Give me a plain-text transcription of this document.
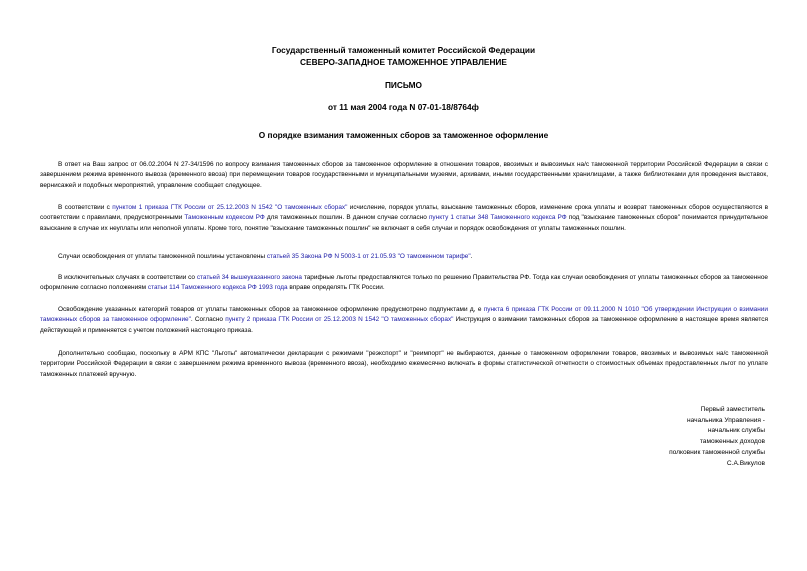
Государственный таможенный комитет Российской Федерации
СЕВЕРО-ЗАПАДНОЕ ТАМОЖЕННОЕ УПРАВЛЕНИЕ
ПИСЬМО
от 11 мая 2004 года N 07-01-18/8764ф
О порядке взимания таможенных сборов за таможенное оформление

В ответ на Ваш запрос от 06.02.2004 N 27-34/1596 по вопросу взимания таможенных сборов за таможенное оформление в отношении товаров, ввозимых и вывозимых на/с таможенной территории Российской Федерации в связи с завершением режима временного вывоза (временного ввоза) при перемещении товаров государственными и муниципальными музеями, архивами, иными государственными хранилищами, а также библиотеками для проведения выставок, вернисажей и подобных мероприятий, управление сообщает следующее.

В соответствии с пунктом 1 приказа ГТК России от 25.12.2003 N 1542 "О таможенных сборах" исчисление, порядок уплаты, взыскание таможенных сборов, изменение срока уплаты и возврат таможенных сборов осуществляются в соответствии с правилами, предусмотренными Таможенным кодексом РФ для таможенных пошлин. В данном случае согласно пункту 1 статьи 348 Таможенного кодекса РФ под "взыскание таможенных сборов" понимается принудительное взыскание в случае их неуплаты или неполной уплаты. Кроме того, понятие "взыскание таможенных пошлин" не включает в себя случаи и порядок освобождения от уплаты таможенных пошлин.

Случаи освобождения от уплаты таможенной пошлины установлены статьей 35 Закона РФ N 5003-1 от 21.05.93 "О таможенном тарифе".

В исключительных случаях в соответствии со статьей 34 вышеуказанного закона тарифные льготы предоставляются только по решению Правительства РФ. Тогда как случаи освобождения от уплаты таможенных сборов за таможенное оформление согласно положениям статьи 114 Таможенного кодекса РФ 1993 года вправе определять ГТК России.

Освобождение указанных категорий товаров от уплаты таможенных сборов за таможенное оформление предусмотрено подпунктами д, е пункта 6 приказа ГТК России от 09.11.2000 N 1010 "Об утверждении Инструкции о взимании таможенных сборов за таможенное оформление". Согласно пункту 2 приказа ГТК России от 25.12.2003 N 1542 "О таможенных сборах" Инструкция о взимании таможенных сборов за таможенное оформление в настоящее время является действующей и применяется с учетом положений настоящего приказа.

Дополнительно сообщаю, поскольку в АРМ КПС "Льготы" автоматически декларации с режимами "реэкспорт" и "реимпорт" не выбираются, данные о таможенном оформлении товаров, ввозимых и вывозимых на/с таможенной территории Российской Федерации в связи с завершением режима временного вывоза (временного ввоза), необходимо ежемесячно включать в формы статистической отчетности о стоимостных объемах предоставленных льгот по уплате таможенных платежей вручную.

Первый заместитель
начальника Управления -
начальник службы
таможенных доходов
полковник таможенной службы
С.А.Викулов
